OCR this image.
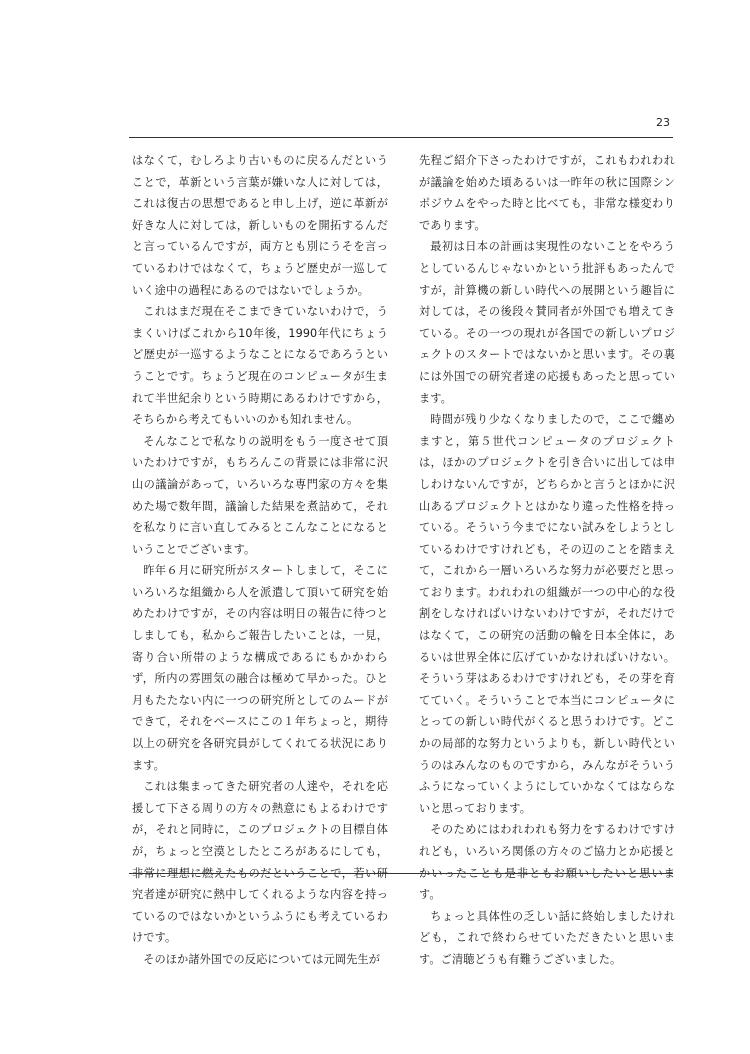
23

はなくて，むしろより古いものに戻るんだということで，革新という言葉が嫌いな人に対しては，これは復古の思想であると申し上げ，逆に革新が好きな人に対しては，新しいものを開拓するんだと言っているんですが，両方とも別にうそを言っているわけではなくて，ちょうど歴史が一巡していく途中の過程にあるのではないでしょうか。

これはまだ現在そこまできていないわけで，うまくいけばこれから10年後，1990年代にちょうど歴史が一巡するようなことになるであろうということです。ちょうど現在のコンピュータが生まれて半世紀余りという時期にあるわけですから，そちらから考えてもいいのかも知れません。

そんなことで私なりの説明をもう一度させて頂いたわけですが，もちろんこの背景には非常に沢山の議論があって，いろいろな専門家の方々を集めた場で数年間，議論した結果を煮詰めて，それを私なりに言い直してみるとこんなことになるということでございます。

昨年６月に研究所がスタートしまして，そこにいろいろな組織から人を派遣して頂いて研究を始めたわけですが，その内容は明日の報告に待つとしましても，私からご報告したいことは，一見，寄り合い所帯のような構成であるにもかかわらず，所内の雰囲気の融合は極めて早かった。ひと月もたたない内に一つの研究所としてのムードができて，それをベースにこの１年ちょっと，期待以上の研究を各研究員がしてくれてる状況にあります。

これは集まってきた研究者の人達や，それを応援して下さる周りの方々の熱意にもよるわけですが，それと同時に，このプロジェクトの目標自体が，ちょっと空漠としたところがあるにしても，非常に理想に燃えたものだということで，若い研究者達が研究に熱中してくれるような内容を持っているのではないかというふうにも考えているわけです。

そのほか諸外国での反応については元岡先生が

先程ご紹介下さったわけですが，これもわれわれが議論を始めた頃あるいは一昨年の秋に国際シンポジウムをやった時と比べても，非常な様変わりであります。

最初は日本の計画は実現性のないことをやろうとしているんじゃないかという批評もあったんですが，計算機の新しい時代への展開という趣旨に対しては，その後段々賛同者が外国でも増えてきている。その一つの現れが各国での新しいプロジェクトのスタートではないかと思います。その裏には外国での研究者達の応援もあったと思っています。

時間が残り少なくなりましたので，ここで纏めますと，第５世代コンピュータのプロジェクトは，ほかのプロジェクトを引き合いに出しては申しわけないんですが，どちらかと言うとほかに沢山あるプロジェクトとはかなり違った性格を持っている。そういう今までにない試みをしようとしているわけですけれども，その辺のことを踏まえて，これから一層いろいろな努力が必要だと思っております。われわれの組織が一つの中心的な役割をしなければいけないわけですが，それだけではなくて，この研究の活動の輪を日本全体に，あるいは世界全体に広げていかなければいけない。そういう芽はあるわけですけれども，その芽を育てていく。そういうことで本当にコンピュータにとっての新しい時代がくると思うわけです。どこかの局部的な努力というよりも，新しい時代というのはみんなのものですから，みんながそういうふうになっていくようにしていかなくてはならないと思っております。

そのためにはわれわれも努力をするわけですけれども，いろいろ関係の方々のご協力とか応援とかいったことも是非ともお願いしたいと思います。

ちょっと具体性の乏しい話に終始しましたけれども，これで終わらせていただきたいと思います。ご清聴どうも有難うございました。
